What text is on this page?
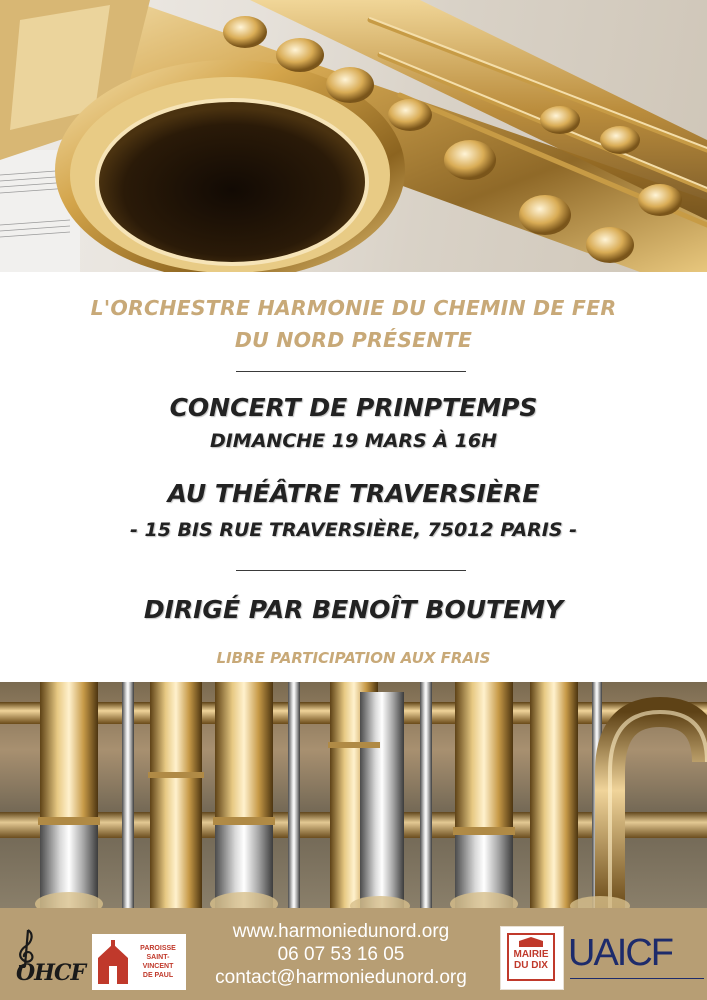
L'ORCHESTRE HARMONIE DU CHEMIN DE FER
DU NORD PRÉSENTE
CONCERT DE PRINPTEMPS
DIMANCHE 19 MARS À 16H
AU THÉÂTRE TRAVERSIÈRE
- 15 BIS RUE TRAVERSIÈRE, 75012 PARIS -
DIRIGÉ PAR BENOÎT BOUTEMY
LIBRE PARTICIPATION AUX FRAIS
OHCF
PAROISSE
SAINT-
VINCENT
DE PAUL
www.harmoniedunord.org
06 07 53 16 05
contact@harmoniedunord.org
MAIRIE
DU DIX UAICF
